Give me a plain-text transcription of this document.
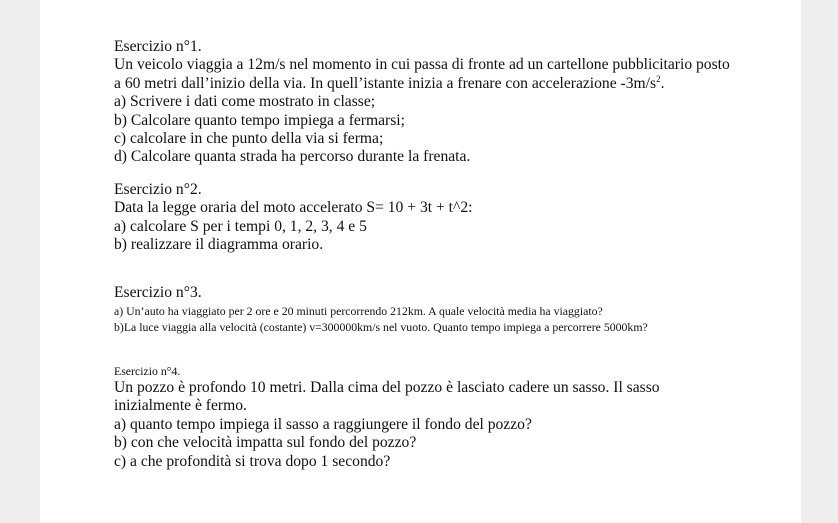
Esercizio n°1.
Un veicolo viaggia a 12m/s nel momento in cui passa di fronte ad un cartellone pubblicitario posto
a 60 metri dall’inizio della via. In quell’istante inizia a frenare con accelerazione $-3m/s^2$.
a) Scrivere i dati come mostrato in classe;
b) Calcolare quanto tempo impiega a fermarsi;
c) calcolare in che punto della via si ferma;
d) Calcolare quanta strada ha percorso durante la frenata.
Esercizio n°2.
Data la legge oraria del moto accelerato S= 10 + 3t + t^2:
a) calcolare S per i tempi 0, 1, 2, 3, 4 e 5
b) realizzare il diagramma orario.
Esercizio n°3.
a) Un’auto ha viaggiato per 2 ore e 20 minuti percorrendo 212km. A quale velocità media ha viaggiato?
b)La luce viaggia alla velocità (costante) v=300000km/s nel vuoto. Quanto tempo impiega a percorrere 5000km?
Esercizio n°4.
Un pozzo è profondo 10 metri. Dalla cima del pozzo è lasciato cadere un sasso. Il sasso
inizialmente è fermo.
a) quanto tempo impiega il sasso a raggiungere il fondo del pozzo?
b) con che velocità impatta sul fondo del pozzo?
c) a che profondità si trova dopo 1 secondo?
